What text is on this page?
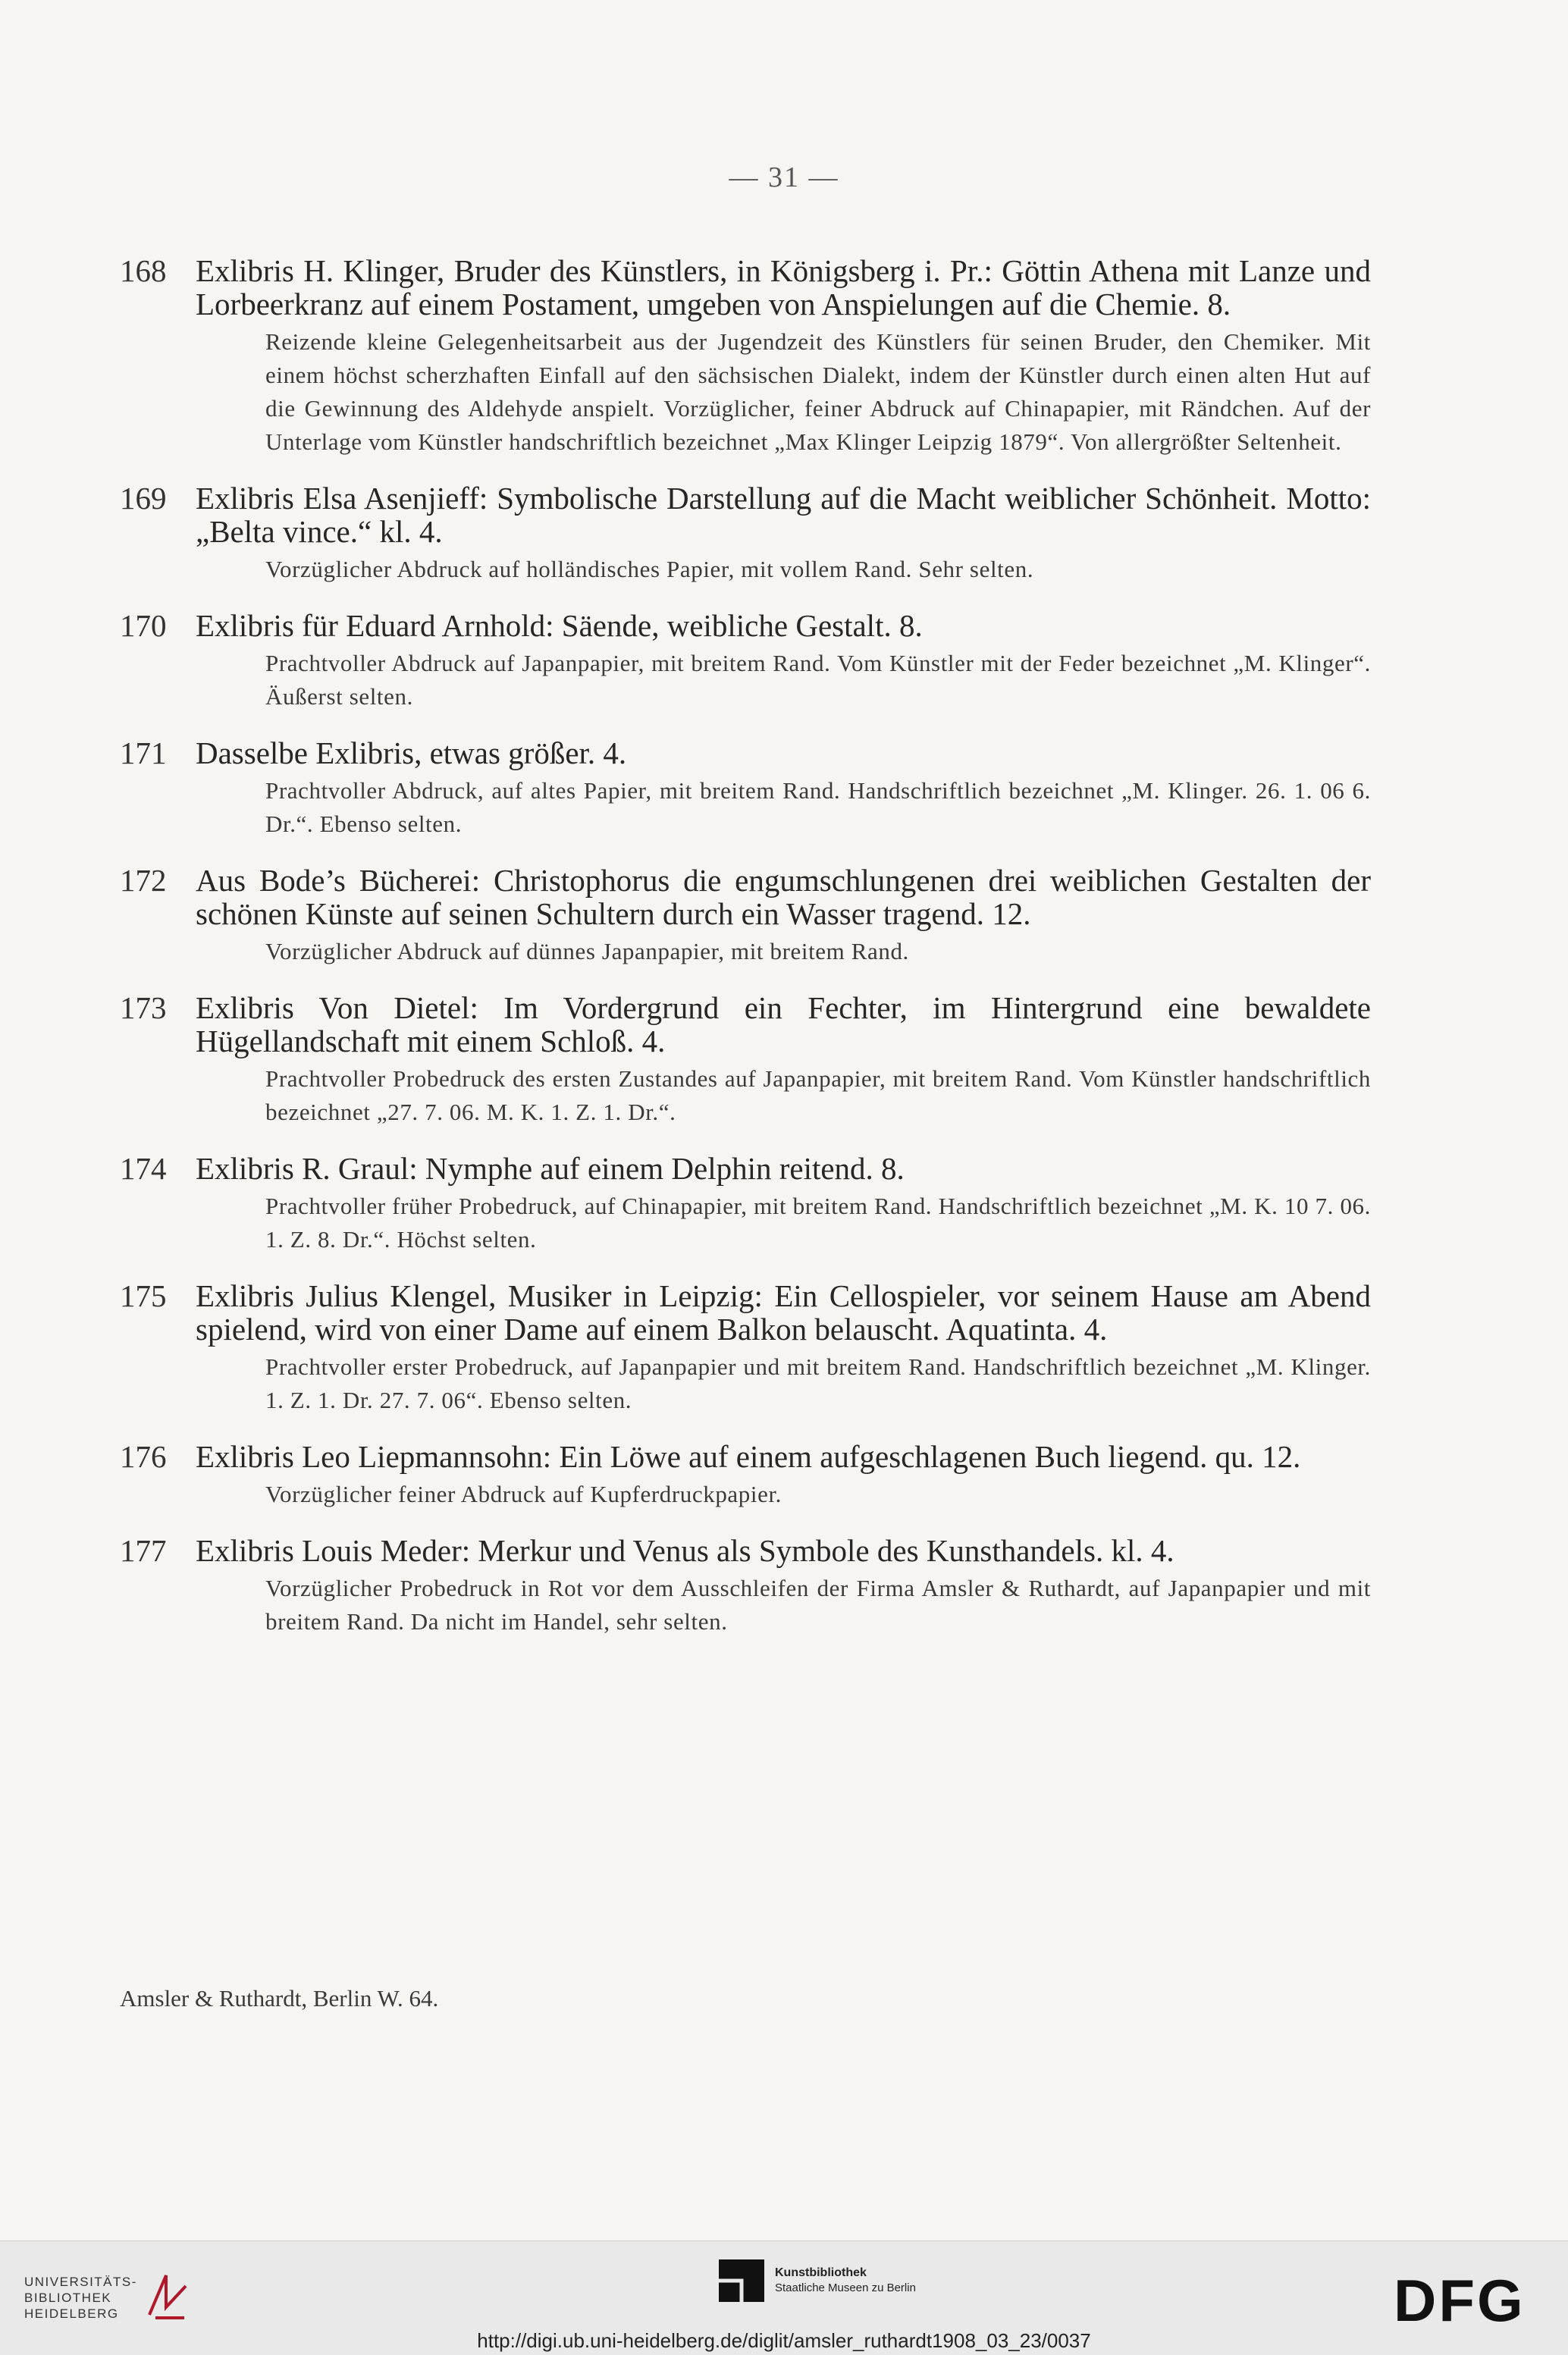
— 31 —
168 Exlibris H. Klinger, Bruder des Künstlers, in Königsberg i. Pr.: Göttin Athena mit Lanze und Lorbeerkranz auf einem Postament, umgeben von Anspielungen auf die Chemie. 8.
Reizende kleine Gelegenheitsarbeit aus der Jugendzeit des Künstlers für seinen Bruder, den Chemiker. Mit einem höchst scherzhaften Einfall auf den sächsischen Dialekt, indem der Künstler durch einen alten Hut auf die Gewinnung des Aldehyde anspielt. Vorzüglicher, feiner Abdruck auf Chinapapier, mit Rändchen. Auf der Unterlage vom Künstler handschriftlich bezeichnet „Max Klinger Leipzig 1879“. Von allergrößter Seltenheit.
169 Exlibris Elsa Asenjieff: Symbolische Darstellung auf die Macht weiblicher Schönheit. Motto: „Belta vince.“ kl. 4.
Vorzüglicher Abdruck auf holländisches Papier, mit vollem Rand. Sehr selten.
170 Exlibris für Eduard Arnhold: Säende, weibliche Gestalt. 8.
Prachtvoller Abdruck auf Japanpapier, mit breitem Rand. Vom Künstler mit der Feder bezeichnet „M. Klinger“. Äußerst selten.
171 Dasselbe Exlibris, etwas größer. 4.
Prachtvoller Abdruck, auf altes Papier, mit breitem Rand. Handschriftlich bezeichnet „M. Klinger. 26. 1. 06 6. Dr.“. Ebenso selten.
172 Aus Bode’s Bücherei: Christophorus die engumschlungenen drei weiblichen Gestalten der schönen Künste auf seinen Schultern durch ein Wasser tragend. 12.
Vorzüglicher Abdruck auf dünnes Japanpapier, mit breitem Rand.
173 Exlibris Von Dietel: Im Vordergrund ein Fechter, im Hintergrund eine bewaldete Hügellandschaft mit einem Schloß. 4.
Prachtvoller Probedruck des ersten Zustandes auf Japanpapier, mit breitem Rand. Vom Künstler handschriftlich bezeichnet „27. 7. 06. M. K. 1. Z. 1. Dr.“.
174 Exlibris R. Graul: Nymphe auf einem Delphin reitend. 8.
Prachtvoller früher Probedruck, auf Chinapapier, mit breitem Rand. Handschriftlich bezeichnet „M. K. 10 7. 06. 1. Z. 8. Dr.“. Höchst selten.
175 Exlibris Julius Klengel, Musiker in Leipzig: Ein Cellospieler, vor seinem Hause am Abend spielend, wird von einer Dame auf einem Balkon belauscht. Aquatinta. 4.
Prachtvoller erster Probedruck, auf Japanpapier und mit breitem Rand. Handschriftlich bezeichnet „M. Klinger. 1. Z. 1. Dr. 27. 7. 06“. Ebenso selten.
176 Exlibris Leo Liepmannsohn: Ein Löwe auf einem aufgeschlagenen Buch liegend. qu. 12.
Vorzüglicher feiner Abdruck auf Kupferdruckpapier.
177 Exlibris Louis Meder: Merkur und Venus als Symbole des Kunsthandels. kl. 4.
Vorzüglicher Probedruck in Rot vor dem Ausschleifen der Firma Amsler & Ruthardt, auf Japanpapier und mit breitem Rand. Da nicht im Handel, sehr selten.
Amsler & Ruthardt, Berlin W. 64.
UNIVERSITÄTS-
BIBLIOTHEK
HEIDELBERG
Kunstbibliothek
Staatliche Museen zu Berlin	DFG
http://digi.ub.uni-heidelberg.de/diglit/amsler_ruthardt1908_03_23/0037
